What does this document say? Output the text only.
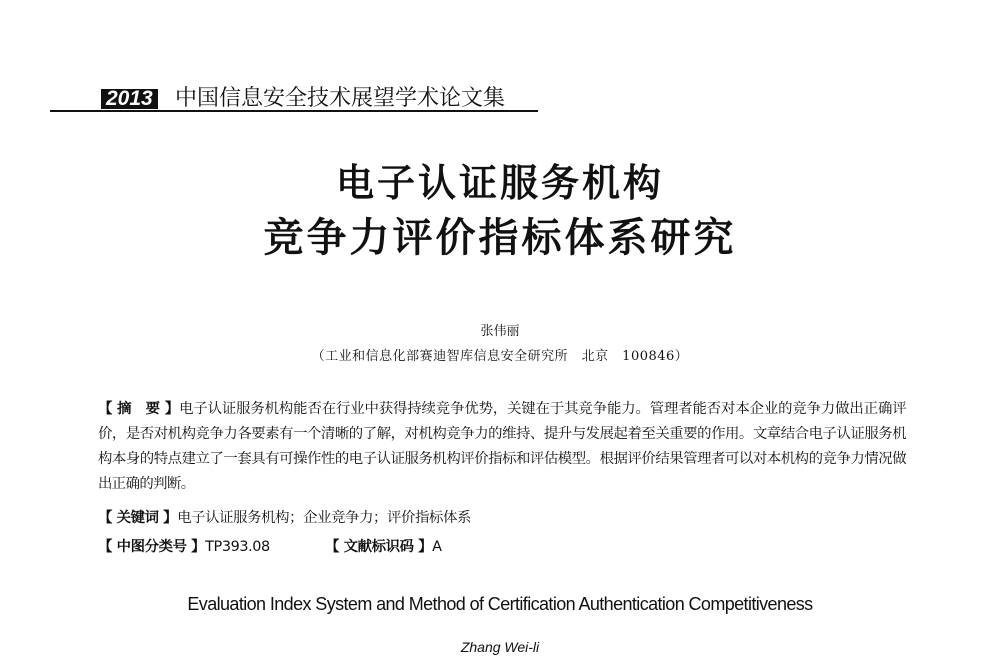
2013 中国信息安全技术展望学术论文集
电子认证服务机构
竞争力评价指标体系研究
张伟丽
（工业和信息化部赛迪智库信息安全研究所　北京　100846）
【 摘　要 】电子认证服务机构能否在行业中获得持续竞争优势，关键在于其竞争能力。管理者能否对本企业的竞争力做出正确评价，是否对机构竞争力各要素有一个清晰的了解，对机构竞争力的维持、提升与发展起着至关重要的作用。文章结合电子认证服务机构本身的特点建立了一套具有可操作性的电子认证服务机构评价指标和评估模型。根据评价结果管理者可以对本机构的竞争力情况做出正确的判断。
【 关键词 】电子认证服务机构；企业竞争力；评价指标体系
【 中图分类号 】TP393.08	【 文献标识码 】A
Evaluation Index System and Method of Certification Authentication Competitiveness
Zhang Wei-li
